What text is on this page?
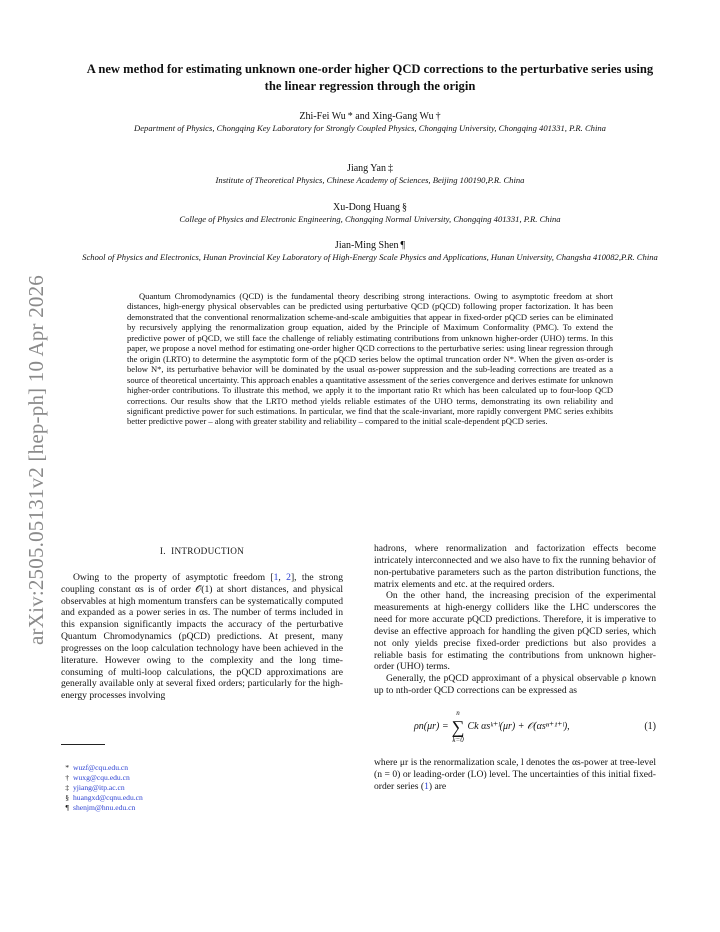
arXiv:2505.05131v2 [hep-ph] 10 Apr 2026
A new method for estimating unknown one-order higher QCD corrections to the perturbative series using the linear regression through the origin
Zhi-Fei Wu * and Xing-Gang Wu †
Department of Physics, Chongqing Key Laboratory for Strongly Coupled Physics, Chongqing University, Chongqing 401331, P.R. China
Jiang Yan ‡
Institute of Theoretical Physics, Chinese Academy of Sciences, Beijing 100190,P.R. China
Xu-Dong Huang §
College of Physics and Electronic Engineering, Chongqing Normal University, Chongqing 401331, P.R. China
Jian-Ming Shen ¶
School of Physics and Electronics, Hunan Provincial Key Laboratory of High-Energy Scale Physics and Applications, Hunan University, Changsha 410082,P.R. China

Quantum Chromodynamics (QCD) is the fundamental theory describing strong interactions. Owing to asymptotic freedom at short distances, high-energy physical observables can be predicted using perturbative QCD (pQCD) following proper factorization. It has been demonstrated that the conventional renormalization scheme-and-scale ambiguities that appear in fixed-order pQCD series can be eliminated by recursively applying the renormalization group equation, aided by the Principle of Maximum Conformality (PMC). To extend the predictive power of pQCD, we still face the challenge of reliably estimating contributions from unknown higher-order (UHO) terms. In this paper, we propose a novel method for estimating one-order higher QCD corrections to the perturbative series: using linear regression through the origin (LRTO) to determine the asymptotic form of the pQCD series below the optimal truncation order N*. When the given αs-order is below N*, its perturbative behavior will be dominated by the usual αs-power suppression and the sub-leading corrections are treated as a source of theoretical uncertainty. This approach enables a quantitative assessment of the series convergence and derives estimate for unknown higher-order contributions. To illustrate this method, we apply it to the important ratio Rτ which has been calculated up to four-loop QCD corrections. Our results show that the LRTO method yields reliable estimates of the UHO terms, demonstrating its own reliability and significant predictive power for such estimations. In particular, we find that the scale-invariant, more rapidly convergent PMC series exhibits better predictive power – along with greater stability and reliability – compared to the initial scale-dependent pQCD series.

I. INTRODUCTION

Owing to the property of asymptotic freedom [1, 2], the strong coupling constant αs is of order 𝒪(1) at short distances, and physical observables at high momentum transfers can be systematically computed and expanded as a power series in αs. The number of terms included in this expansion significantly impacts the accuracy of the perturbative Quantum Chromodynamics (pQCD) predictions. At present, many progresses on the loop calculation technology have been achieved in the literature. However owing to the complexity and the long time-consuming of multi-loop calculations, the pQCD approximations are generally available only at several fixed orders; particularly for the high-energy processes involving

hadrons, where renormalization and factorization effects become intricately interconnected and we also have to fix the running behavior of non-pertubative parameters such as the parton distribution functions, the matrix elements and etc. at the required orders.

On the other hand, the increasing precision of the experimental measurements at high-energy colliders like the LHC underscores the need for more accurate pQCD predictions. Therefore, it is imperative to devise an effective approach for handling the given pQCD series, which not only yields precise fixed-order predictions but also provides a reliable basis for estimating the contributions from unknown higher-order (UHO) terms.

Generally, the pQCD approximant of a physical observable ρ known up to nth-order QCD corrections can be expressed as

ρn(μr) =
n
∑
k=0
Ck αsᵏ⁺ˡ(μr) + 𝒪(αsⁿ⁺¹⁺ˡ),	(1)

where μr is the renormalization scale, l denotes the αs-power at tree-level (n = 0) or leading-order (LO) level. The uncertainties of this initial fixed-order series (1) are

* wuzf@cqu.edu.cn
† wuxg@cqu.edu.cn
‡ yjiang@itp.ac.cn
§ huangxd@cqnu.edu.cn
¶ shenjm@hnu.edu.cn
